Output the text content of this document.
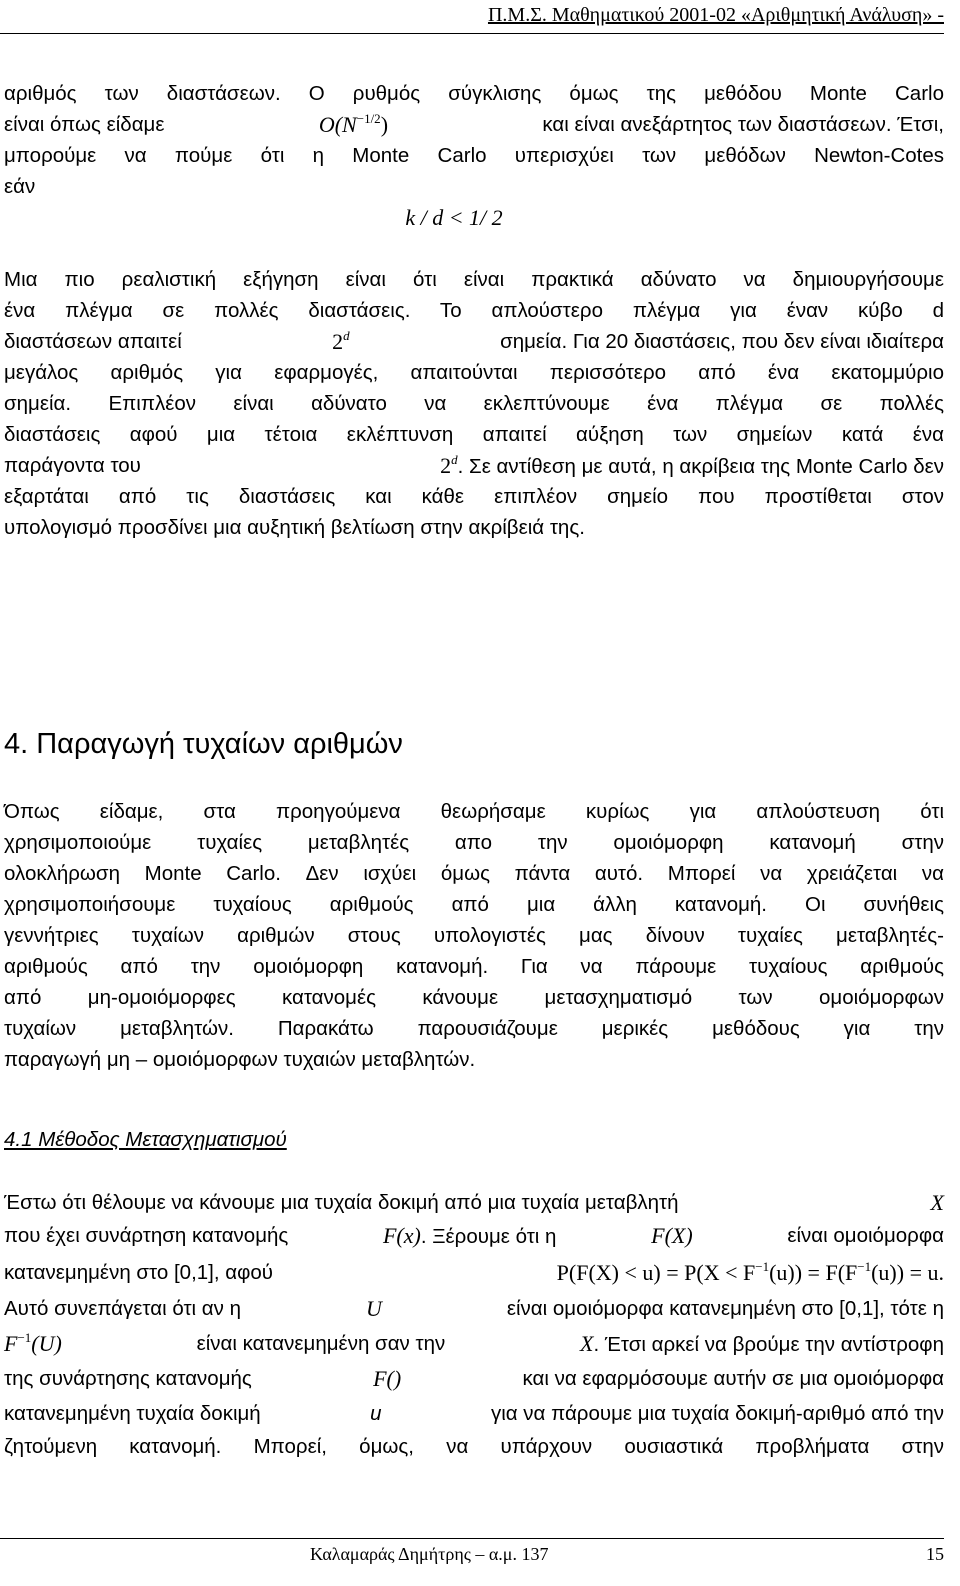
Π.Μ.Σ. Μαθηματικού 2001-02 «Αριθμητική Ανάλυση» -
αριθμός των διαστάσεων. Ο ρυθμός σύγκλισης όμως της μεθόδου Monte Carlo
είναι όπως είδαμε	$O(N^{-1/2})$	και είναι ανεξάρτητος των διαστάσεων. Έτσι,
μπορούμε να πούμε ότι η Monte Carlo υπερισχύει των μεθόδων Newton-Cotes
εάν
k / d < 1/ 2
Μια πιο ρεαλιστική εξήγηση είναι ότι είναι πρακτικά αδύνατο να δημιουργήσουμε
ένα πλέγμα σε πολλές διαστάσεις. Το απλούστερο πλέγμα για έναν κύβο d
διαστάσεων απαιτεί	2$^d$	σημεία. Για 20 διαστάσεις, που δεν είναι ιδιαίτερα
μεγάλος αριθμός για εφαρμογές, απαιτούνται περισσότερο από ένα εκατομμύριο
σημεία. Επιπλέον είναι αδύνατο να εκλεπτύνουμε ένα πλέγμα σε πολλές
διαστάσεις αφού μια τέτοια εκλέπτυνση απαιτεί αύξηση των σημείων κατά ένα
παράγοντα του	2$^d$. Σε αντίθεση με αυτά, η ακρίβεια της Monte Carlo δεν
εξαρτάται από τις διαστάσεις και κάθε επιπλέον σημείο που προστίθεται στον
υπολογισμό προσδίνει μια αυξητική βελτίωση στην ακρίβειά της.
4. Παραγωγή τυχαίων αριθμών
Όπως είδαμε, στα προηγούμενα θεωρήσαμε κυρίως για απλούστευση ότι
χρησιμοποιούμε τυχαίες μεταβλητές απο την ομοιόμορφη κατανομή στην
ολοκλήρωση Monte Carlo. Δεν ισχύει όμως πάντα αυτό. Μπορεί να χρειάζεται να
χρησιμοποιήσουμε τυχαίους αριθμούς από μια άλλη κατανομή. Οι συνήθεις
γεννήτριες τυχαίων αριθμών στους υπολογιστές μας δίνουν τυχαίες μεταβλητές-
αριθμούς από την ομοιόμορφη κατανομή. Για να πάρουμε τυχαίους αριθμούς
από μη-ομοιόμορφες κατανομές κάνουμε μετασχηματισμό των ομοιόμορφων
τυχαίων μεταβλητών. Παρακάτω παρουσιάζουμε μερικές μεθόδους για την
παραγωγή μη – ομοιόμορφων τυχαιών μεταβλητών.
4.1 Μέθοδος Μετασχηματισμού
Έστω ότι θέλουμε να κάνουμε μια τυχαία δοκιμή από μια τυχαία μεταβλητή	X
που έχει συνάρτηση κατανομής	F(x). Ξέρουμε ότι η	F(X)	είναι ομοιόμορφα
κατανεμημένη στο [0,1], αφού	$P(F(X) < u) = P(X < F^{-1}(u)) = F(F^{-1}(u)) = u$.
Αυτό συνεπάγεται ότι αν η	U	είναι ομοιόμορφα κατανεμημένη στο [0,1], τότε η
$F^{-1}(U)$	είναι κατανεμημένη σαν την	X. Έτσι αρκεί να βρούμε την αντίστροφη
της συνάρτησης κατανομής	F()	και να εφαρμόσουμε αυτήν σε μια ομοιόμορφα
κατανεμημένη τυχαία δοκιμή	u	για να πάρουμε μια τυχαία δοκιμή-αριθμό από την
ζητούμενη κατανομή. Μπορεί, όμως, να υπάρχουν ουσιαστικά προβλήματα στην
Καλαμαράς Δημήτρης – α.μ. 137	15
